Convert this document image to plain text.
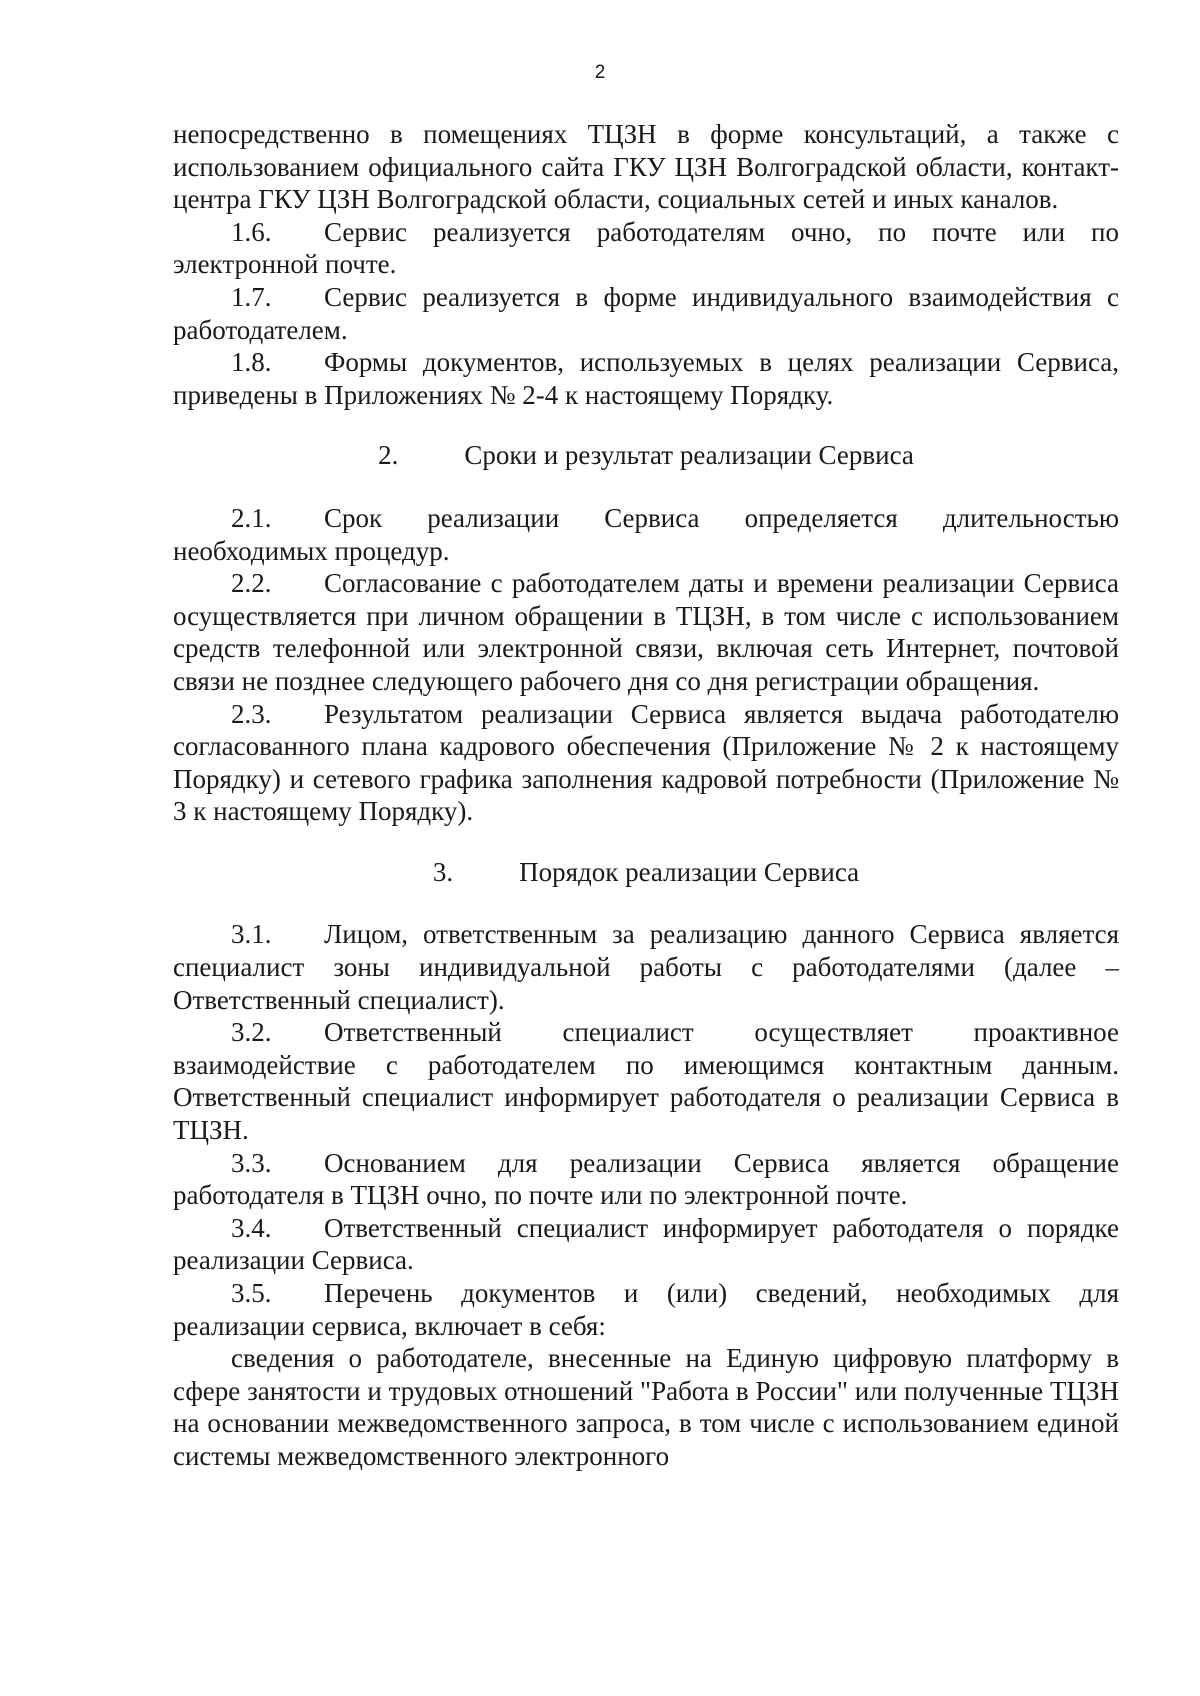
2

непосредственно в помещениях ТЦЗН в форме консультаций, а также с использованием официального сайта ГКУ ЦЗН Волгоградской области, контакт-центра ГКУ ЦЗН Волгоградской области, социальных сетей и иных каналов.

1.6. Сервис реализуется работодателям очно, по почте или по электронной почте.

1.7. Сервис реализуется в форме индивидуального взаимодействия с работодателем.

1.8. Формы документов, используемых в целях реализации Сервиса, приведены в Приложениях № 2-4 к настоящему Порядку.

2. Сроки и результат реализации Сервиса

2.1. Срок реализации Сервиса определяется длительностью необходимых процедур.

2.2. Согласование с работодателем даты и времени реализации Сервиса осуществляется при личном обращении в ТЦЗН, в том числе с использованием средств телефонной или электронной связи, включая сеть Интернет, почтовой связи не позднее следующего рабочего дня со дня регистрации обращения.

2.3. Результатом реализации Сервиса является выдача работодателю согласованного плана кадрового обеспечения (Приложение № 2 к настоящему Порядку) и сетевого графика заполнения кадровой потребности (Приложение № 3 к настоящему Порядку).

3. Порядок реализации Сервиса

3.1. Лицом, ответственным за реализацию данного Сервиса является специалист зоны индивидуальной работы с работодателями (далее – Ответственный специалист).

3.2. Ответственный специалист осуществляет проактивное взаимодействие с работодателем по имеющимся контактным данным. Ответственный специалист информирует работодателя о реализации Сервиса в ТЦЗН.

3.3. Основанием для реализации Сервиса является обращение работодателя в ТЦЗН очно, по почте или по электронной почте.

3.4. Ответственный специалист информирует работодателя о порядке реализации Сервиса.

3.5. Перечень документов и (или) сведений, необходимых для реализации сервиса, включает в себя:

сведения о работодателе, внесенные на Единую цифровую платформу в сфере занятости и трудовых отношений "Работа в России" или полученные ТЦЗН на основании межведомственного запроса, в том числе с использованием единой системы межведомственного электронного
